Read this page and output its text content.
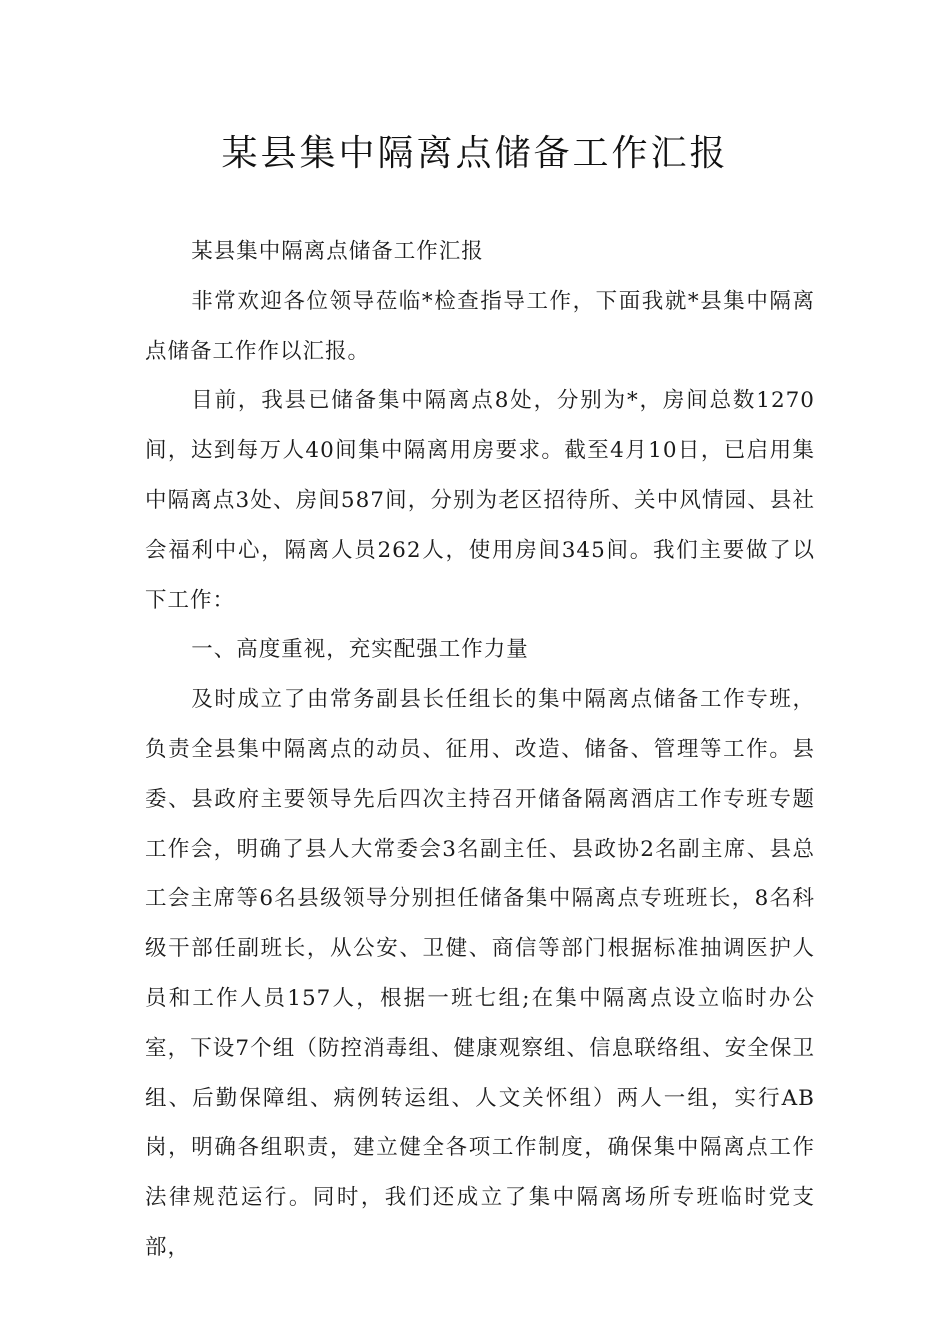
某县集中隔离点储备工作汇报

某县集中隔离点储备工作汇报

非常欢迎各位领导莅临*检查指导工作，下面我就*县集中隔离点储备工作作以汇报。

目前，我县已储备集中隔离点8处，分别为*，房间总数1270间，达到每万人40间集中隔离用房要求。截至4月10日，已启用集中隔离点3处、房间587间，分别为老区招待所、关中风情园、县社会福利中心，隔离人员262人，使用房间345间。我们主要做了以下工作：

一、高度重视，充实配强工作力量

及时成立了由常务副县长任组长的集中隔离点储备工作专班，负责全县集中隔离点的动员、征用、改造、储备、管理等工作。县委、县政府主要领导先后四次主持召开储备隔离酒店工作专班专题工作会，明确了县人大常委会3名副主任、县政协2名副主席、县总工会主席等6名县级领导分别担任储备集中隔离点专班班长，8名科级干部任副班长，从公安、卫健、商信等部门根据标准抽调医护人员和工作人员157人，根据一班七组;在集中隔离点设立临时办公室，下设7个组（防控消毒组、健康观察组、信息联络组、安全保卫组、后勤保障组、病例转运组、人文关怀组）两人一组，实行AB岗，明确各组职责，建立健全各项工作制度，确保集中隔离点工作法律规范运行。同时，我们还成立了集中隔离场所专班临时党支部，
